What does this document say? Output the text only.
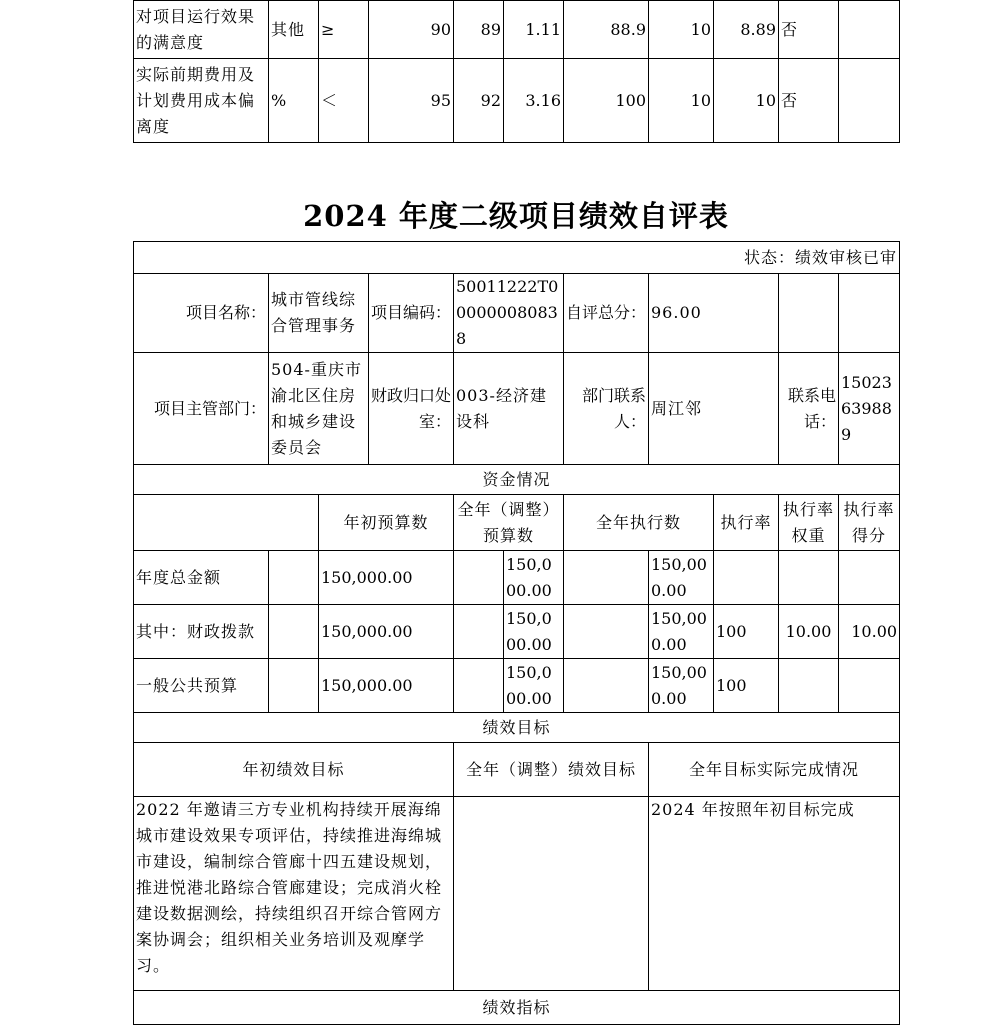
对项目运行效果的满意度	其他	≥	90	89	1.11	88.9	10	8.89	否	
实际前期费用及计划费用成本偏离度	%	＜	95	92	3.16	100	10	10	否	
2024 年度二级项目绩效自评表
状态：绩效审核已审										
项目名称：	城市管线综合管理事务		项目编码：	50011222T000000080838		自评总分：	96.00			
项目主管部门：	504-重庆市渝北区住房和城乡建设委员会		财政归口处室：	003-经济建设科		部门联系人：	周江邻		联系电话：	15023639889
资金情况										
		年初预算数		全年（调整）预算数		全年执行数		执行率	执行率权重	执行率得分
年度总金额		150,000.00			150,000.00		150,000.00			
其中：财政拨款		150,000.00			150,000.00		150,000.00	100	10.00	10.00
一般公共预算		150,000.00			150,000.00		150,000.00	100		
绩效目标										
年初绩效目标				全年（调整）绩效目标			全年目标实际完成情况			
2022 年邀请三方专业机构持续开展海绵城市建设效果专项评估，持续推进海绵城市建设，编制综合管廊十四五建设规划，推进悦港北路综合管廊建设；完成消火栓建设数据测绘，持续组织召开综合管网方案协调会；组织相关业务培训及观摩学习。							2024 年按照年初目标完成			
绩效指标										
